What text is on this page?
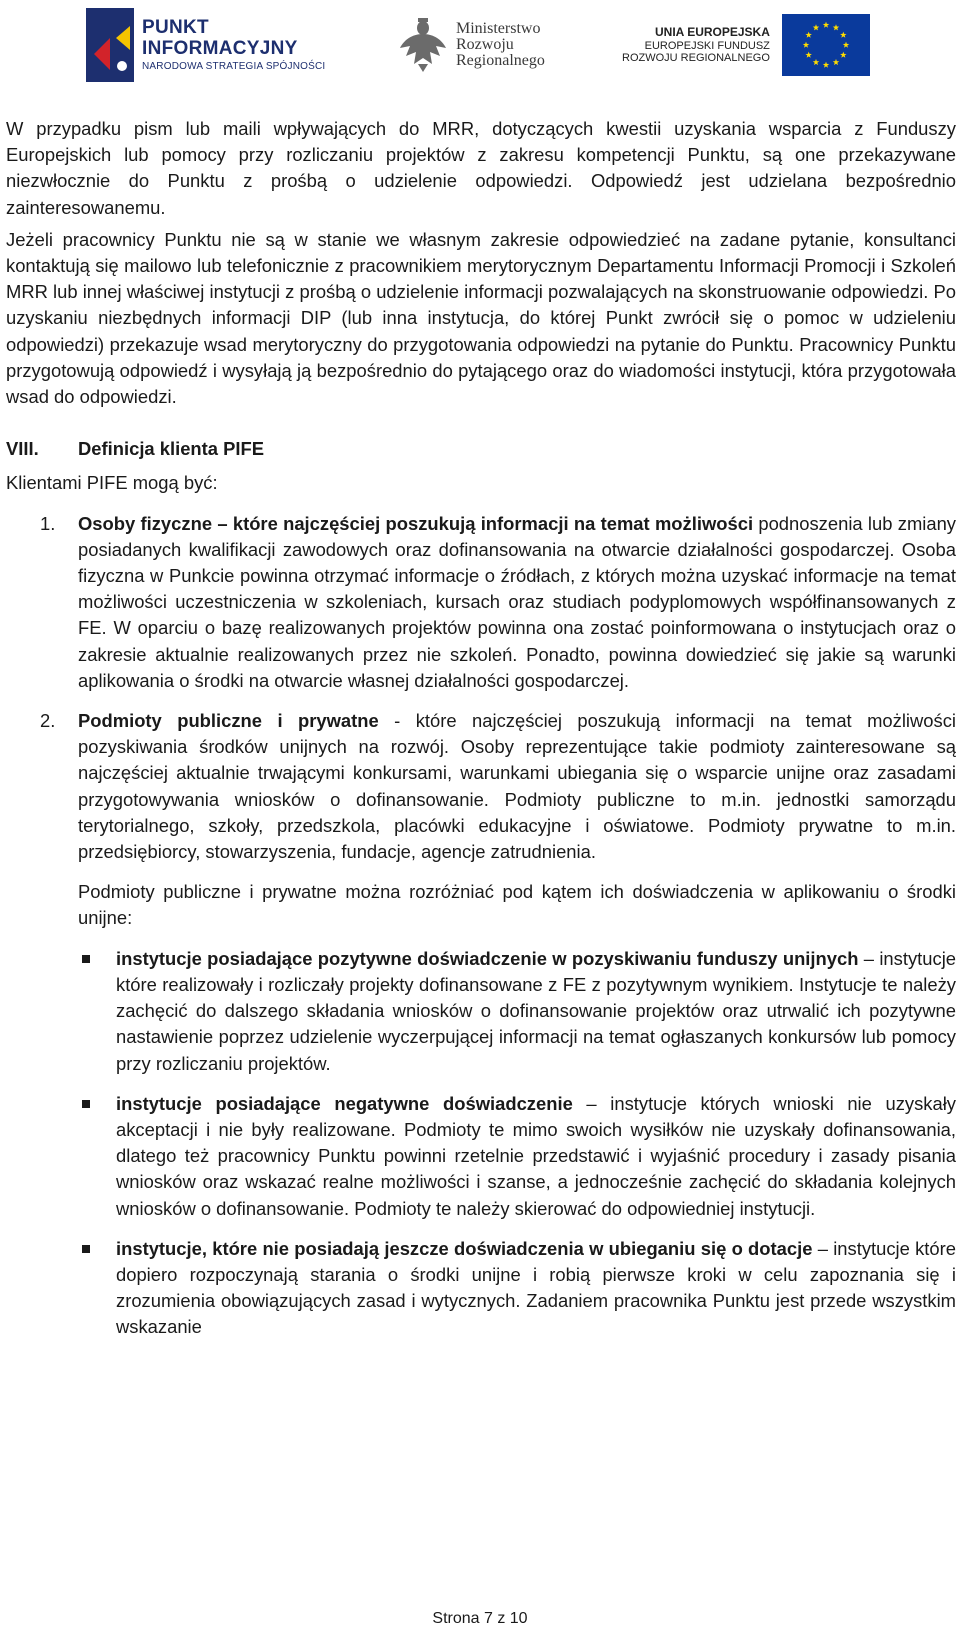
PUNKT
INFORMACYJNY
NARODOWA STRATEGIA SPÓJNOŚCI
Ministerstwo
Rozwoju
Regionalnego
UNIA EUROPEJSKA
EUROPEJSKI FUNDUSZ
ROZWOJU REGIONALNEGO

W przypadku pism lub maili wpływających do MRR, dotyczących kwestii uzyskania wsparcia z Funduszy Europejskich lub pomocy przy rozliczaniu projektów z zakresu kompetencji Punktu, są one przekazywane niezwłocznie do Punktu z prośbą o udzielenie odpowiedzi. Odpowiedź jest udzielana bezpośrednio zainteresowanemu.

Jeżeli pracownicy Punktu nie są w stanie we własnym zakresie odpowiedzieć na zadane pytanie, konsultanci kontaktują się mailowo lub telefonicznie z pracownikiem merytorycznym Departamentu Informacji Promocji i Szkoleń MRR lub innej właściwej instytucji z prośbą o udzielenie informacji pozwalających na skonstruowanie odpowiedzi. Po uzyskaniu niezbędnych informacji DIP (lub inna instytucja, do której Punkt zwrócił się o pomoc w udzieleniu odpowiedzi) przekazuje wsad merytoryczny do przygotowania odpowiedzi na pytanie do Punktu. Pracownicy Punktu przygotowują odpowiedź i wysyłają ją bezpośrednio do pytającego oraz do wiadomości instytucji, która przygotowała wsad do odpowiedzi.

VIII.	Definicja klienta PIFE

Klientami PIFE mogą być:

1.	Osoby fizyczne – które najczęściej poszukują informacji na temat możliwości podnoszenia lub zmiany posiadanych kwalifikacji zawodowych oraz dofinansowania na otwarcie działalności gospodarczej. Osoba fizyczna w Punkcie powinna otrzymać informacje o źródłach, z których można uzyskać informacje na temat możliwości uczestniczenia w szkoleniach, kursach oraz studiach podyplomowych współfinansowanych z FE. W oparciu o bazę realizowanych projektów powinna ona zostać poinformowana o instytucjach oraz o zakresie aktualnie realizowanych przez nie szkoleń. Ponadto, powinna dowiedzieć się jakie są warunki aplikowania o środki na otwarcie własnej działalności gospodarczej.

2.	Podmioty publiczne i prywatne - które najczęściej poszukują informacji na temat możliwości pozyskiwania środków unijnych na rozwój. Osoby reprezentujące takie podmioty zainteresowane są najczęściej aktualnie trwającymi konkursami, warunkami ubiegania się o wsparcie unijne oraz zasadami przygotowywania wniosków o dofinansowanie. Podmioty publiczne to m.in. jednostki samorządu terytorialnego, szkoły, przedszkola, placówki edukacyjne i oświatowe. Podmioty prywatne to m.in. przedsiębiorcy, stowarzyszenia, fundacje, agencje zatrudnienia.

Podmioty publiczne i prywatne można rozróżniać pod kątem ich doświadczenia w aplikowaniu o środki unijne:

instytucje posiadające pozytywne doświadczenie w pozyskiwaniu funduszy unijnych – instytucje które realizowały i rozliczały projekty dofinansowane z FE z pozytywnym wynikiem. Instytucje te należy zachęcić do dalszego składania wniosków o dofinansowanie projektów oraz utrwalić ich pozytywne nastawienie poprzez udzielenie wyczerpującej informacji na temat ogłaszanych konkursów lub pomocy przy rozliczaniu projektów.

instytucje posiadające negatywne doświadczenie – instytucje których wnioski nie uzyskały akceptacji i nie były realizowane. Podmioty te mimo swoich wysiłków nie uzyskały dofinansowania, dlatego też pracownicy Punktu powinni rzetelnie przedstawić i wyjaśnić procedury i zasady pisania wniosków oraz wskazać realne możliwości i szanse, a jednocześnie zachęcić do składania kolejnych wniosków o dofinansowanie. Podmioty te należy skierować do odpowiedniej instytucji.

instytucje, które nie posiadają jeszcze doświadczenia w ubieganiu się o dotacje – instytucje które dopiero rozpoczynają starania o środki unijne i robią pierwsze kroki w celu zapoznania się i zrozumienia obowiązujących zasad i wytycznych. Zadaniem pracownika Punktu jest przede wszystkim wskazanie

Strona 7 z 10
